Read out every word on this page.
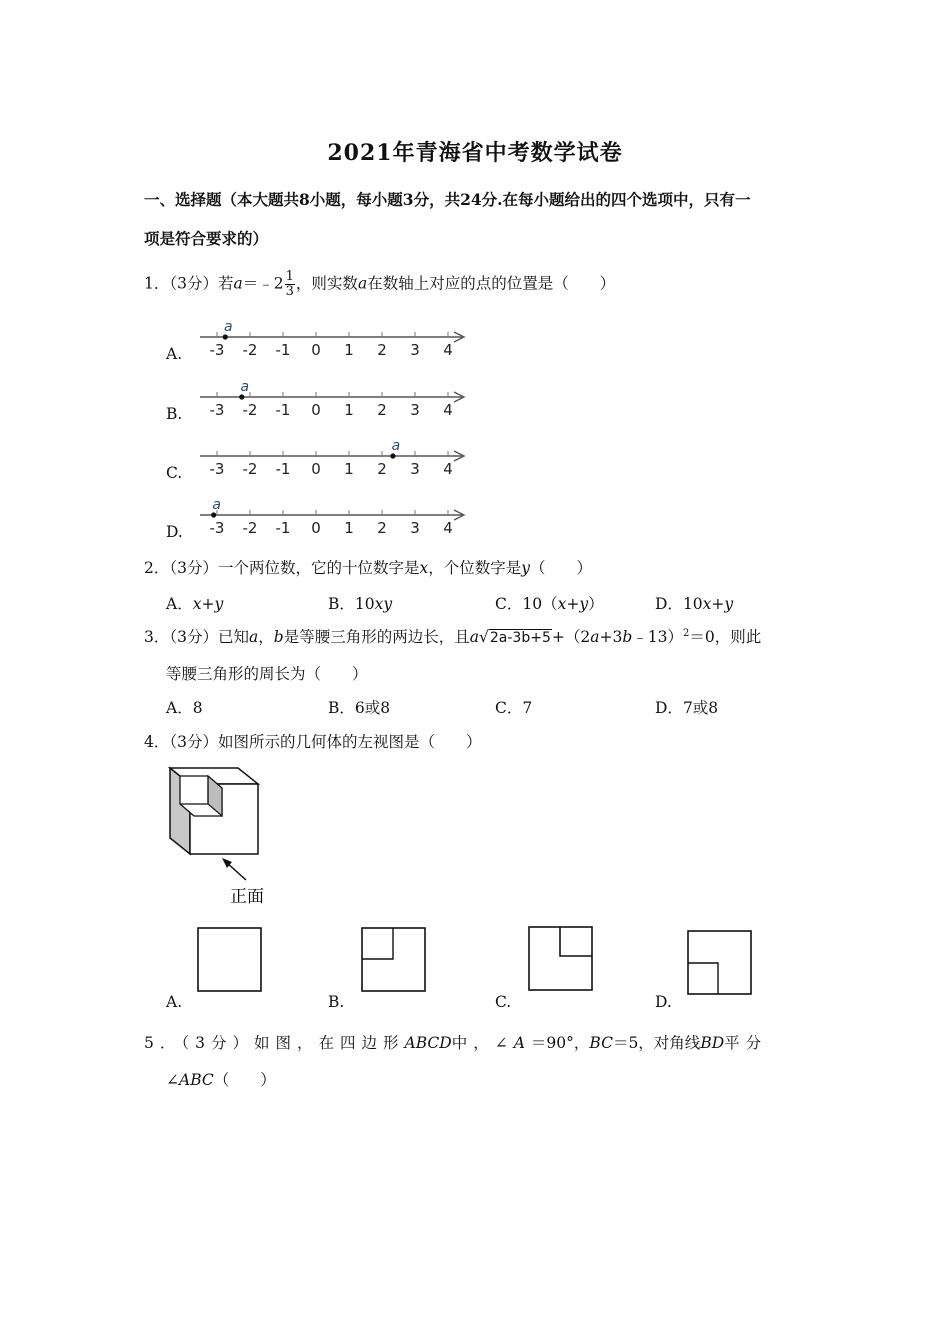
2021年青海省中考数学试卷
一、选择题（本大题共8小题，每小题3分，共24分.在每小题给出的四个选项中，只有一
项是符合要求的）
1．（3分）若a＝﹣2 $\frac{1}{3}$ ，则实数a在数轴上对应的点的位置是（　　）
A. -3 -2 -1 0 1 2 3 4
a
B. -3 -2 -1 0 1 2 3 4
a
C. -3 -2 -1 0 1 2 3 4
a
D. -3 -2 -1 0 1 2 3 4
a
2．（3分）一个两位数，它的十位数字是x，个位数字是y（　　）
A．x+y	B．10xy	C．10（x+y）	D．10x+y
3．（3分）已知a，b是等腰三角形的两边长，且a√2a-3b+5+（2a+3b﹣13）$^2$＝0，则此
等腰三角形的周长为（　　）
A．8	B．6或8	C．7	D．7或8
4．（3分）如图所示的几何体的左视图是（　　）
正面
A.	B.	C.	D.
5．（3分）如图，在四边形ABCD中，∠A＝90°，BC＝5，对角线BD平分
∠ABC（　　）
